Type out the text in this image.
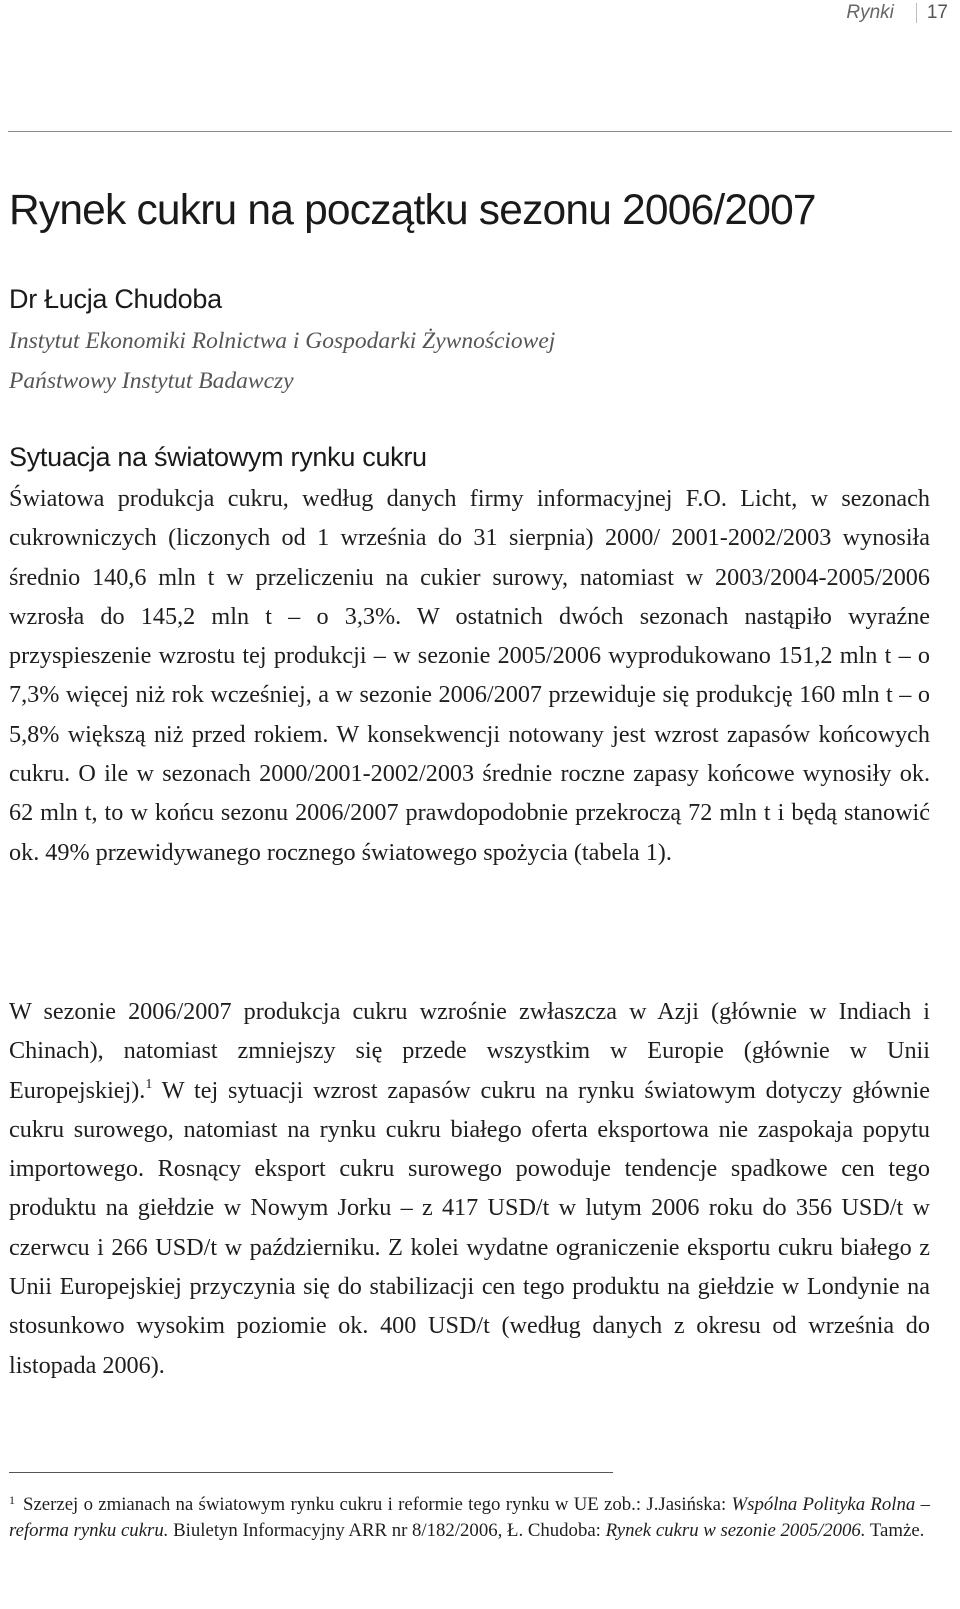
Rynki 17
Rynek cukru na początku sezonu 2006/2007
Dr Łucja Chudoba
Instytut Ekonomiki Rolnictwa i Gospodarki Żywnościowej
Państwowy Instytut Badawczy
Sytuacja na światowym rynku cukru

Światowa produkcja cukru, według danych firmy informacyjnej F.O. Licht, w sezonach cukrowniczych (liczonych od 1 września do 31 sierpnia) 2000/ 2001-2002/2003 wynosiła średnio 140,6 mln t w przeliczeniu na cukier surowy, natomiast w 2003/2004-2005/2006 wzrosła do 145,2 mln t – o 3,3%. W ostatnich dwóch sezonach nastąpiło wyraźne przyspieszenie wzrostu tej produkcji – w sezonie 2005/2006 wyprodukowano 151,2 mln t – o 7,3% więcej niż rok wcześniej, a w sezonie 2006/2007 przewiduje się produkcję 160 mln t – o 5,8% większą niż przed rokiem. W konsekwencji notowany jest wzrost zapasów końcowych cukru. O ile w sezonach 2000/2001-2002/2003 średnie roczne zapasy końcowe wynosiły ok. 62 mln t, to w końcu sezonu 2006/2007 prawdopodobnie przekroczą 72 mln t i będą stanowić ok. 49% przewidywanego rocznego światowego spożycia (tabela 1).

W sezonie 2006/2007 produkcja cukru wzrośnie zwłaszcza w Azji (głównie w Indiach i Chinach), natomiast zmniejszy się przede wszystkim w Europie (głównie w Unii Europejskiej).$^1$ W tej sytuacji wzrost zapasów cukru na rynku światowym dotyczy głównie cukru surowego, natomiast na rynku cukru białego oferta eksportowa nie zaspokaja popytu importowego. Rosnący eksport cukru surowego powoduje tendencje spadkowe cen tego produktu na giełdzie w Nowym Jorku – z 417 USD/t w lutym 2006 roku do 356 USD/t w czerwcu i 266 USD/t w październiku. Z kolei wydatne ograniczenie eksportu cukru białego z Unii Europejskiej przyczynia się do stabilizacji cen tego produktu na giełdzie w Londynie na stosunkowo wysokim poziomie ok. 400 USD/t (według danych z okresu od września do listopada 2006).

$^1$ Szerzej o zmianach na światowym rynku cukru i reformie tego rynku w UE zob.: J.Jasińska: Wspólna Polityka Rolna – reforma rynku cukru. Biuletyn Informacyjny ARR nr 8/182/2006, Ł. Chudoba: Rynek cukru w sezonie 2005/2006. Tamże.
